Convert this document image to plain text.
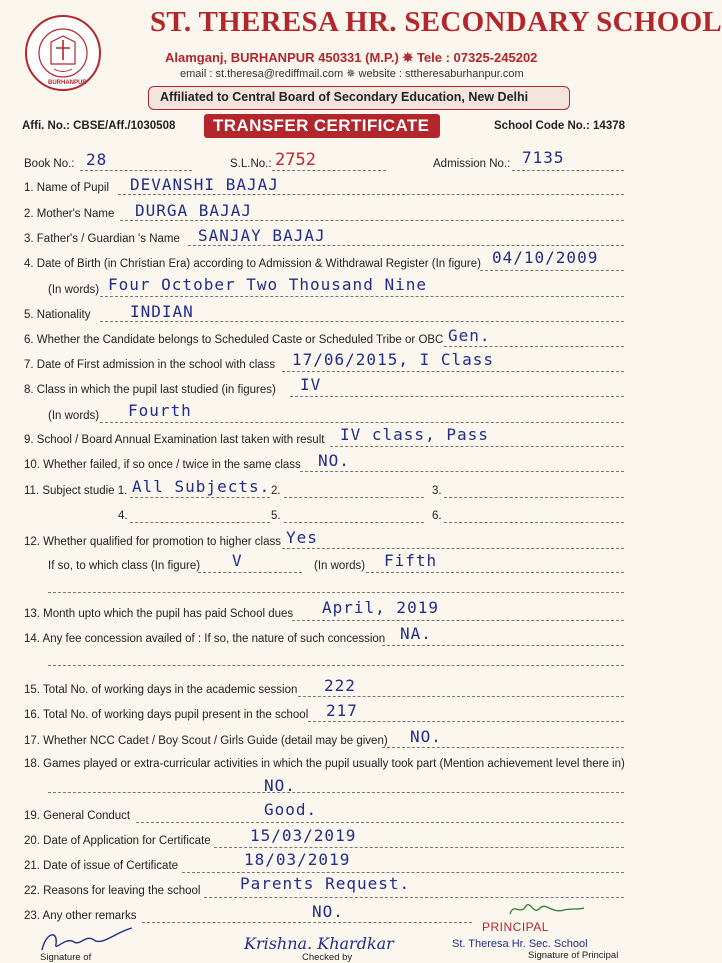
ST. THERESA'S HIGHER SECONDARY SCHOOL
BURHANPUR
ST. THERESA HR. SECONDARY SCHOOL
Alamganj, BURHANPUR 450331 (M.P.) ✵ Tele : 07325-245202
email : st.theresa@rediffmail.com ✵ website : sttheresaburhanpur.com
Affiliated to Central Board of Secondary Education, New Delhi
Affi. No.: CBSE/Aff./1030508 TRANSFER CERTIFICATE	School Code No.: 14378
Book No.: 28	S.L.No.: 2752	Admission No.: 7135
1. Name of Pupil DEVANSHI BAJAJ
2. Mother's Name DURGA BAJAJ
3. Father's / Guardian 's Name SANJAY BAJAJ
4. Date of Birth (in Christian Era) according to Admission & Withdrawal Register (In figure) 04/10/2009
(In words) Four October Two Thousand Nine
5. Nationality INDIAN
6. Whether the Candidate belongs to Scheduled Caste or Scheduled Tribe or OBC Gen.
7. Date of First admission in the school with class 17/06/2015, I Class
8. Class in which the pupil last studied (in figures) IV
(In words) Fourth
9. School / Board Annual Examination last taken with result IV class, Pass
10. Whether failed, if so once / twice in the same class NO.
11. Subject studie 1. All Subjects. 2.	3.
4.	5.	6.
12. Whether qualified for promotion to higher class Yes
If so, to which class (In figure) V	(In words) Fifth
13. Month upto which the pupil has paid School dues April, 2019
14. Any fee concession availed of : If so, the nature of such concession NA.
15. Total No. of working days in the academic session 222
16. Total No. of working days pupil present in the school 217
17. Whether NCC Cadet / Boy Scout / Girls Guide (detail may be given) NO.
18. Games played or extra-curricular activities in which the pupil usually took part (Mention achievement level there in)
NO.
19. General Conduct	Good.
20. Date of Application for Certificate 15/03/2019
21. Date of issue of Certificate	18/03/2019
22. Reasons for leaving the school Parents Request.
23. Any other remarks	NO.
Signature of
Krishna. Khardkar
Checked by
PRINCIPAL
St. Theresa Hr. Sec. School
Signature of Principal
